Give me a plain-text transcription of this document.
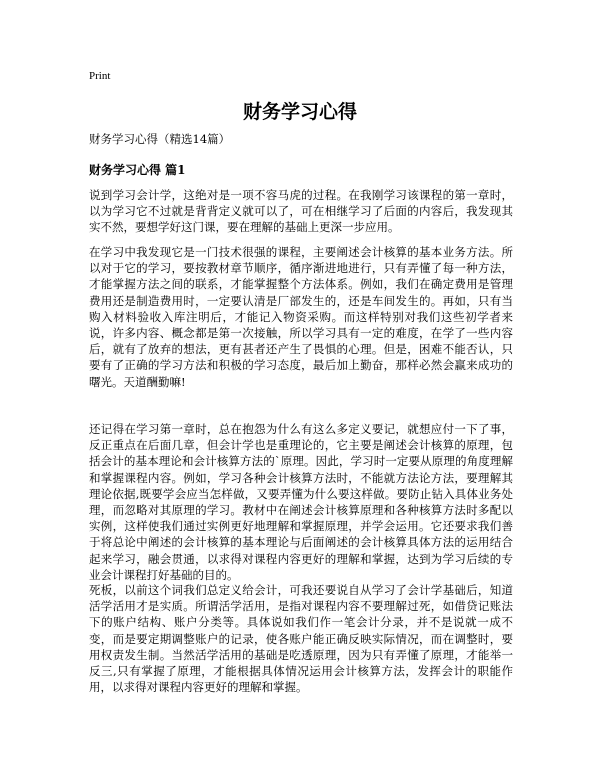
Print
财务学习心得
财务学习心得（精选14篇）
财务学习心得 篇1
说到学习会计学，这绝对是一项不容马虎的过程。在我刚学习该课程的第一章时，以为学习它不过就是背背定义就可以了，可在相继学习了后面的内容后，我发现其实不然，要想学好这门课，要在理解的基础上更深一步应用。
在学习中我发现它是一门技术很强的课程，主要阐述会计核算的基本业务方法。所以对于它的学习，要按教材章节顺序，循序渐进地进行，只有弄懂了每一种方法，才能掌握方法之间的联系，才能掌握整个方法体系。例如，我们在确定费用是管理费用还是制造费用时，一定要认清是厂部发生的，还是车间发生的。再如，只有当购入材料验收入库注明后，才能记入物资采购。而这样特别对我们这些初学者来说，许多内容、概念都是第一次接触，所以学习具有一定的难度，在学了一些内容后，就有了放弃的想法，更有甚者还产生了畏惧的心理。但是，困难不能否认，只要有了正确的学习方法和积极的学习态度，最后加上勤奋，那样必然会赢来成功的曙光。天道酬勤嘛!
还记得在学习第一章时，总在抱怨为什么有这么多定义要记，就想应付一下了事，反正重点在后面几章，但会计学也是重理论的，它主要是阐述会计核算的原理，包括会计的基本理论和会计核算方法的`原理。因此，学习时一定要从原理的角度理解和掌握课程内容。例如，学习各种会计核算方法时，不能就方法论方法，要理解其理论依据,既要学会应当怎样做，又要弄懂为什么要这样做。要防止钻入具体业务处理，而忽略对其原理的学习。教材中在阐述会计核算原理和各种核算方法时多配以实例，这样使我们通过实例更好地理解和掌握原理，并学会运用。它还要求我们善于将总论中阐述的会计核算的基本理论与后面阐述的会计核算具体方法的运用结合起来学习，融会贯通，以求得对课程内容更好的理解和掌握，达到为学习后续的专业会计课程打好基础的目的。
死板，以前这个词我们总定义给会计，可我还要说自从学习了会计学基础后，知道活学活用才是实质。所谓活学活用，是指对课程内容不要理解过死，如借贷记账法下的账户结构、账户分类等。具体说如我们作一笔会计分录，并不是说就一成不变，而是要定期调整账户的记录，使各账户能正确反映实际情况，而在调整时，要用权责发生制。当然活学活用的基础是吃透原理，因为只有弄懂了原理，才能举一反三,只有掌握了原理，才能根据具体情况运用会计核算方法，发挥会计的职能作用，以求得对课程内容更好的理解和掌握。
